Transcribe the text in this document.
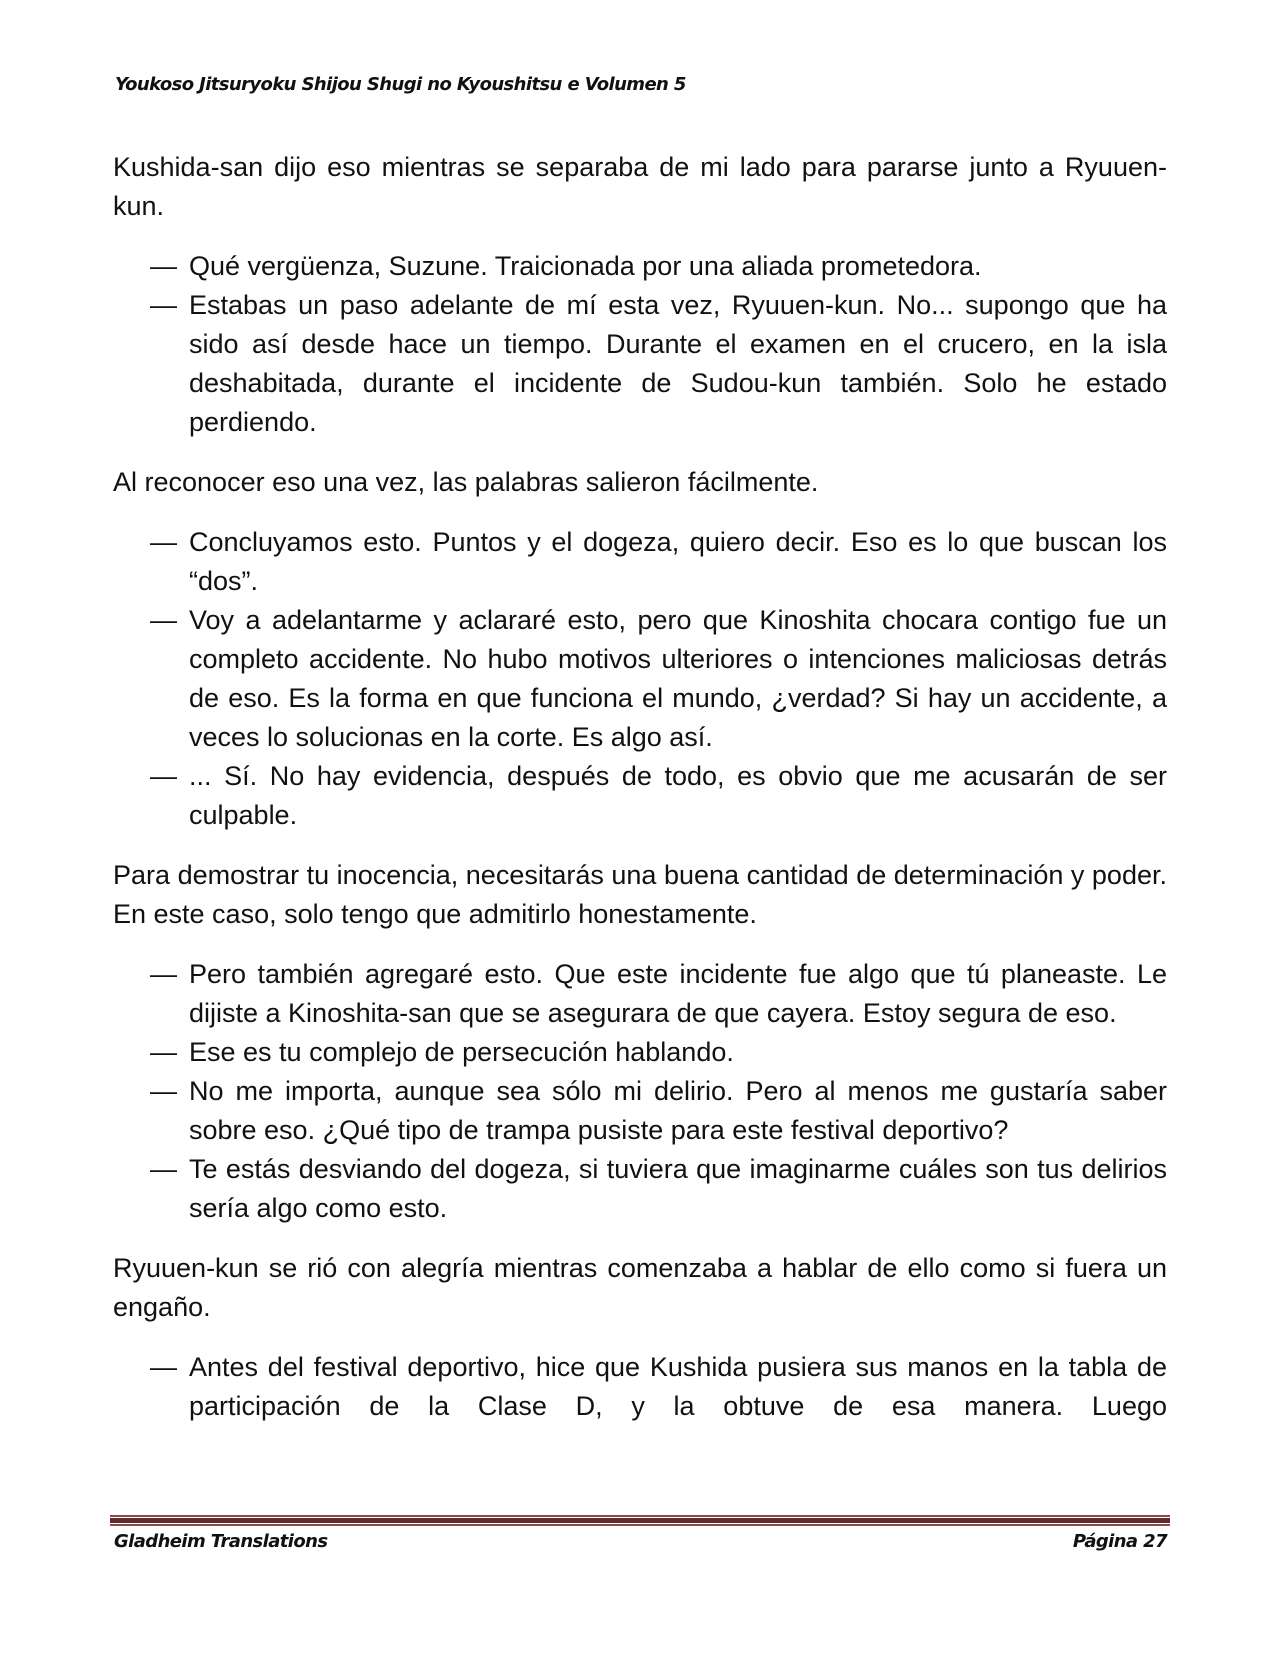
Youkoso Jitsuryoku Shijou Shugi no Kyoushitsu e Volumen 5

Kushida-san dijo eso mientras se separaba de mi lado para pararse junto a Ryuuen-kun.

— Qué vergüenza, Suzune. Traicionada por una aliada prometedora.
— Estabas un paso adelante de mí esta vez, Ryuuen-kun. No... supongo que ha sido así desde hace un tiempo. Durante el examen en el crucero, en la isla deshabitada, durante el incidente de Sudou-kun también. Solo he estado perdiendo.

Al reconocer eso una vez, las palabras salieron fácilmente.

— Concluyamos esto. Puntos y el dogeza, quiero decir. Eso es lo que buscan los “dos”.
— Voy a adelantarme y aclararé esto, pero que Kinoshita chocara contigo fue un completo accidente. No hubo motivos ulteriores o intenciones maliciosas detrás de eso. Es la forma en que funciona el mundo, ¿verdad? Si hay un accidente, a veces lo solucionas en la corte. Es algo así.
— ... Sí. No hay evidencia, después de todo, es obvio que me acusarán de ser culpable.

Para demostrar tu inocencia, necesitarás una buena cantidad de determinación y poder. En este caso, solo tengo que admitirlo honestamente.

— Pero también agregaré esto. Que este incidente fue algo que tú planeaste. Le dijiste a Kinoshita-san que se asegurara de que cayera. Estoy segura de eso.
— Ese es tu complejo de persecución hablando.
— No me importa, aunque sea sólo mi delirio. Pero al menos me gustaría saber sobre eso. ¿Qué tipo de trampa pusiste para este festival deportivo?
— Te estás desviando del dogeza, si tuviera que imaginarme cuáles son tus delirios sería algo como esto.

Ryuuen-kun se rió con alegría mientras comenzaba a hablar de ello como si fuera un engaño.

— Antes del festival deportivo, hice que Kushida pusiera sus manos en la tabla de participación de la Clase D, y la obtuve de esa manera. Luego
Gladheim Translations	Página 27
